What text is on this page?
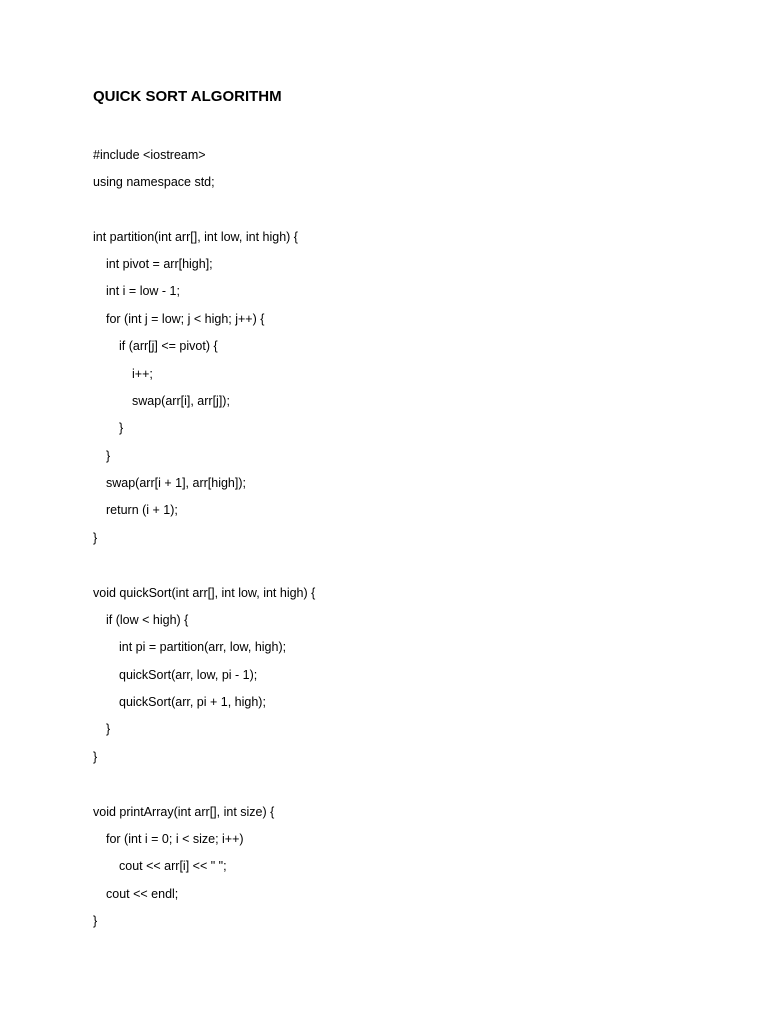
QUICK SORT ALGORITHM
#include <iostream>
using namespace std;
int partition(int arr[], int low, int high) {
int pivot = arr[high];
int i = low - 1;
for (int j = low; j < high; j++) {
if (arr[j] <= pivot) {
i++;
swap(arr[i], arr[j]);
}
}
swap(arr[i + 1], arr[high]);
return (i + 1);
}
void quickSort(int arr[], int low, int high) {
if (low < high) {
int pi = partition(arr, low, high);
quickSort(arr, low, pi - 1);
quickSort(arr, pi + 1, high);
}
}
void printArray(int arr[], int size) {
for (int i = 0; i < size; i++)
cout << arr[i] << " ";
cout << endl;
}
